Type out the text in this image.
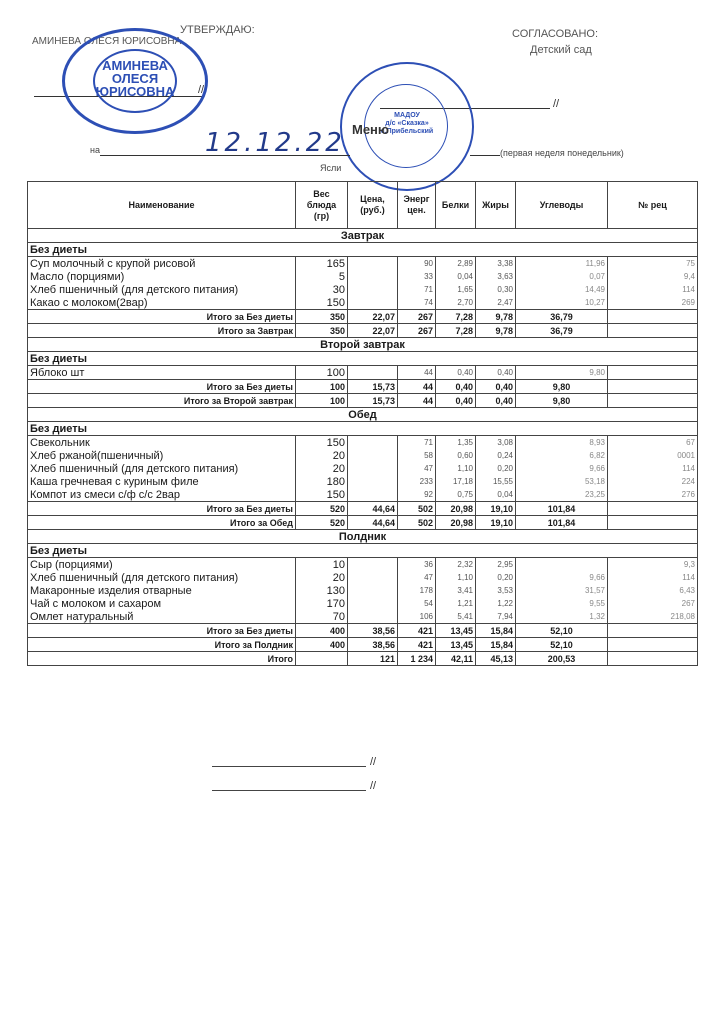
АМИНЕВА ОЛЕСЯ ЮРИСОВНА
УТВЕРЖДАЮ:	СОГЛАСОВАНО:
Детский сад
//
//
АМИНЕВА
ОЛЕСЯ
ЮРИСОВНА
МАДОУ
д/с «Сказка»
с.Прибельский
на	12.12.22 Меню
(первая неделя понедельник)
Ясли
Наименование	Вес блюда (гр)	Цена, (руб.)	Энерг цен.	Белки	Жиры	Углеводы	№ рец
Завтрак							
Без диеты							
Суп молочный с крупой рисовой	165		90	2,89	3,38	11,96	75
Масло (порциями)	5		33	0,04	3,63	0,07	9,4
Хлеб пшеничный (для детского питания)	30		71	1,65	0,30	14,49	114
Какао с молоком(2вар)	150		74	2,70	2,47	10,27	269
Итого за Без диеты	350	22,07	267	7,28	9,78	36,79	
Итого за Завтрак	350	22,07	267	7,28	9,78	36,79	
Второй завтрак							
Без диеты							
Яблоко шт	100		44	0,40	0,40	9,80	
Итого за Без диеты	100	15,73	44	0,40	0,40	9,80	
Итого за Второй завтрак	100	15,73	44	0,40	0,40	9,80	
Обед							
Без диеты							
Свекольник	150		71	1,35	3,08	8,93	67
Хлеб ржаной(пшеничный)	20		58	0,60	0,24	6,82	0001
Хлеб пшеничный (для детского питания)	20		47	1,10	0,20	9,66	114
Каша гречневая с куриным филе	180		233	17,18	15,55	53,18	224
Компот из смеси с/ф с/с 2вар	150		92	0,75	0,04	23,25	276
Итого за Без диеты	520	44,64	502	20,98	19,10	101,84	
Итого за Обед	520	44,64	502	20,98	19,10	101,84	
Полдник							
Без диеты							
Сыр (порциями)	10		36	2,32	2,95		9,3
Хлеб пшеничный (для детского питания)	20		47	1,10	0,20	9,66	114
Макаронные изделия отварные	130		178	3,41	3,53	31,57	6,43
Чай с молоком и сахаром	170		54	1,21	1,22	9,55	267
Омлет натуральный	70		106	5,41	7,94	1,32	218,08
Итого за Без диеты	400	38,56	421	13,45	15,84	52,10	
Итого за Полдник	400	38,56	421	13,45	15,84	52,10	
Итого		121	1 234	42,11	45,13	200,53	
//
//
